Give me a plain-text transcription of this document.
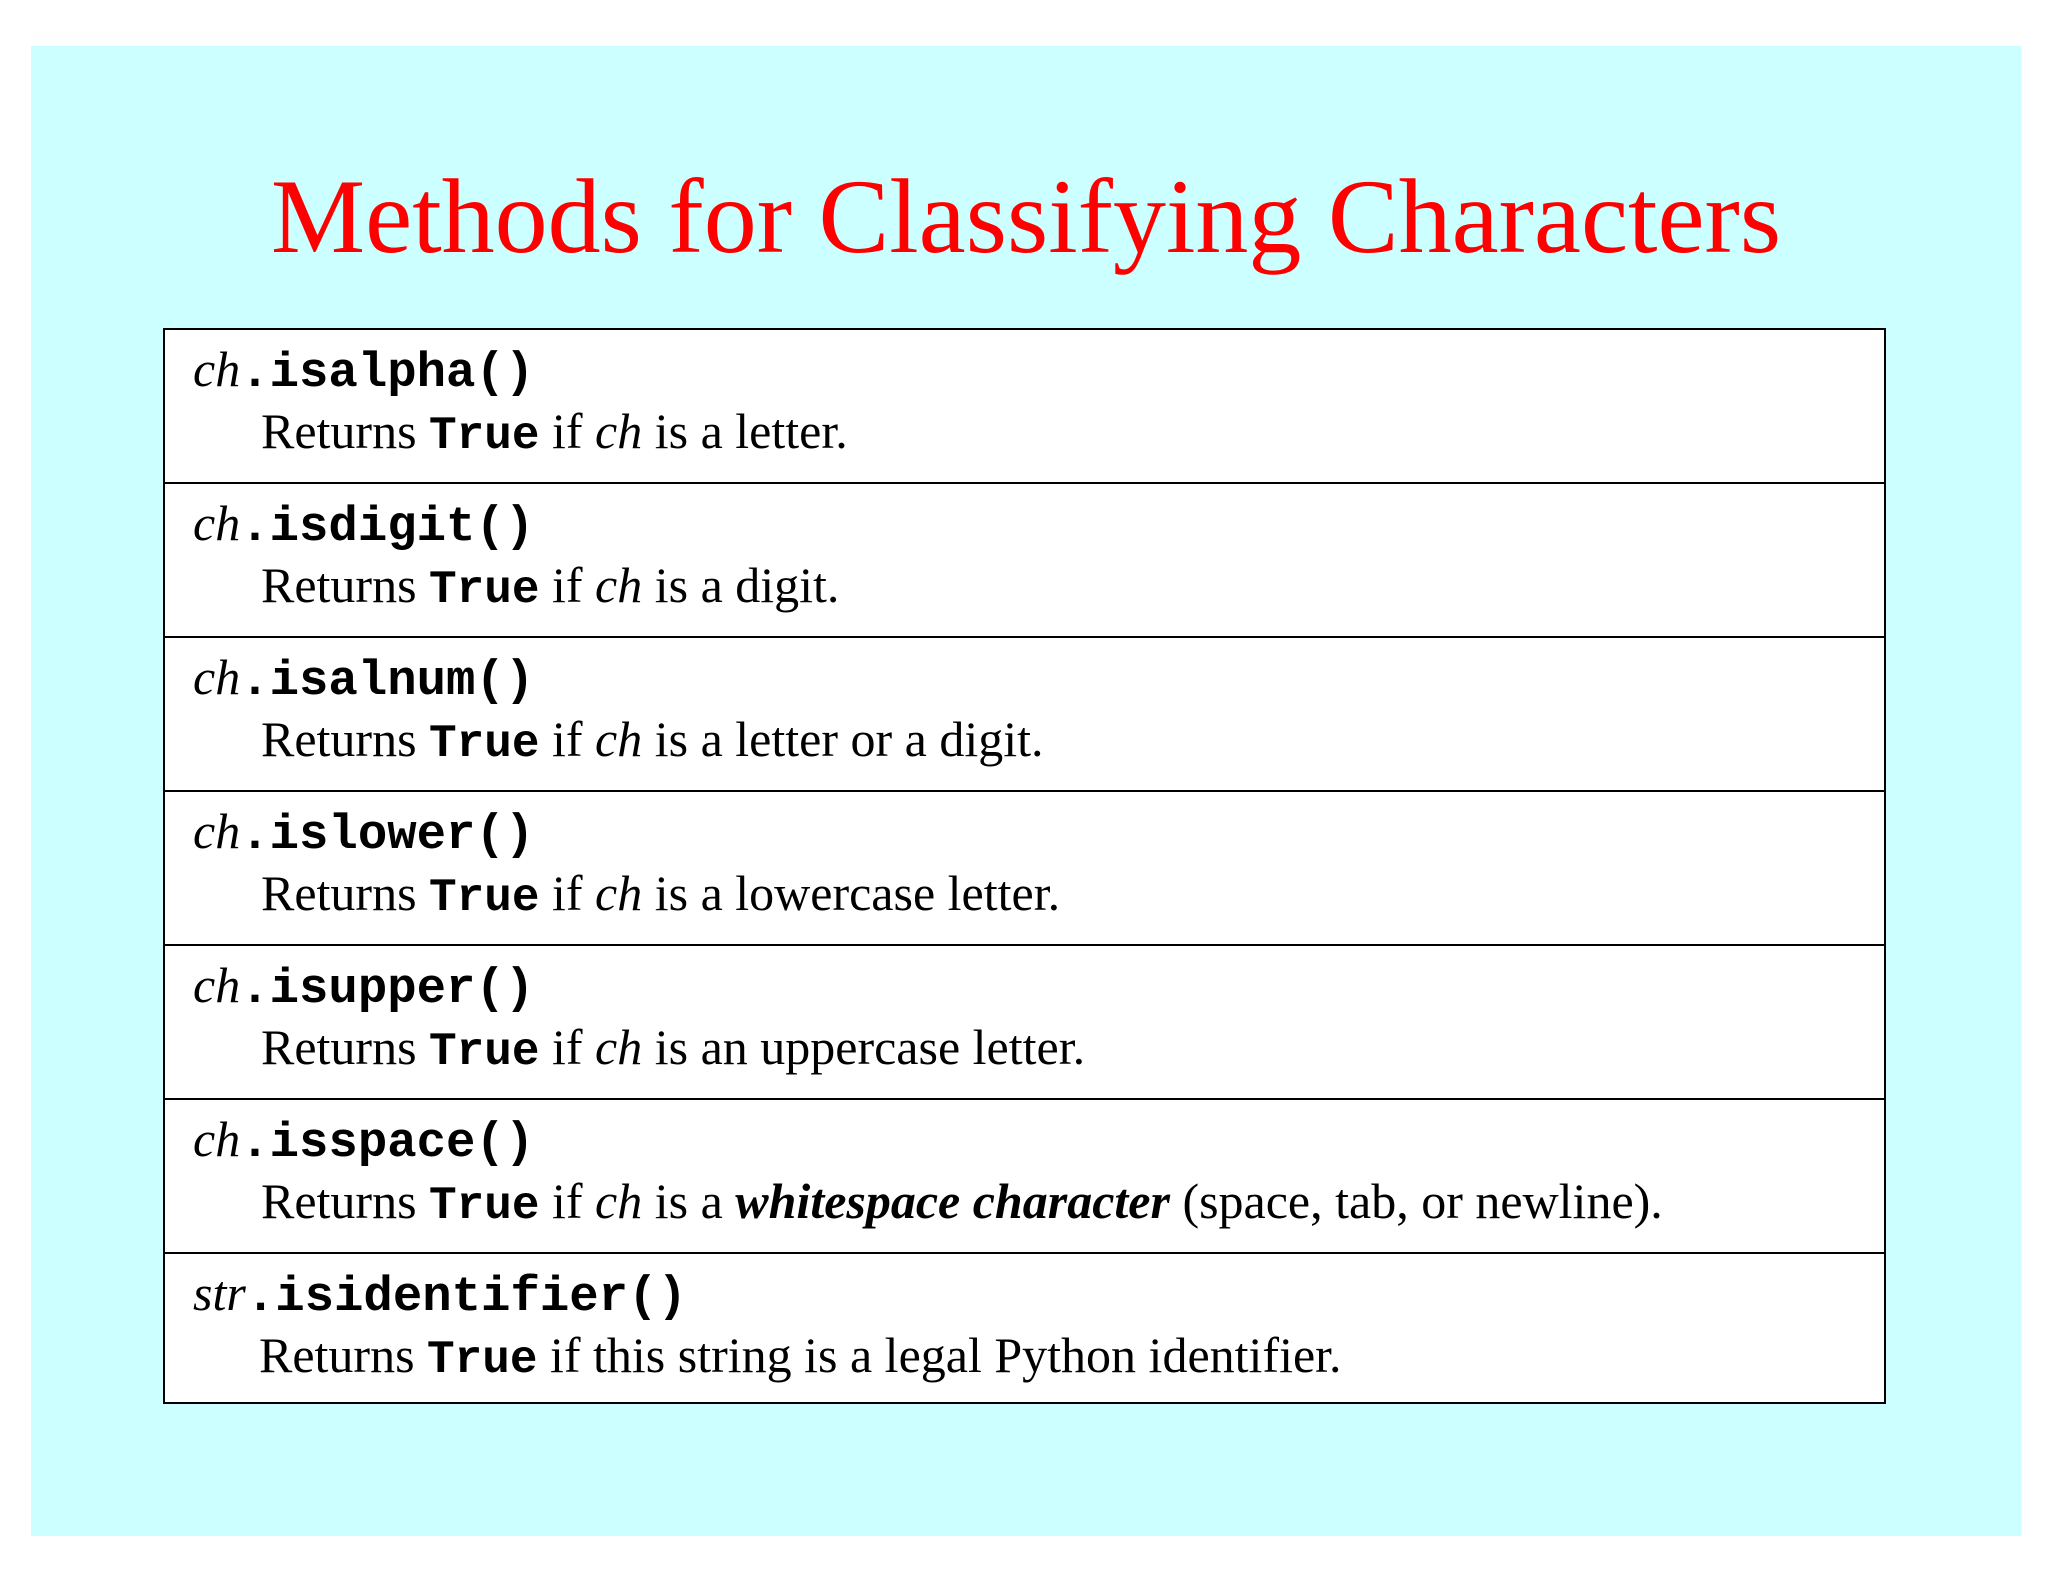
Methods for Classifying Characters
ch.isalpha()
Returns True if ch is a letter.
ch.isdigit()
Returns True if ch is a digit.
ch.isalnum()
Returns True if ch is a letter or a digit.
ch.islower()
Returns True if ch is a lowercase letter.
ch.isupper()
Returns True if ch is an uppercase letter.
ch.isspace()
Returns True if ch is a whitespace character (space, tab, or newline).
str.isidentifier()
Returns True if this string is a legal Python identifier.
